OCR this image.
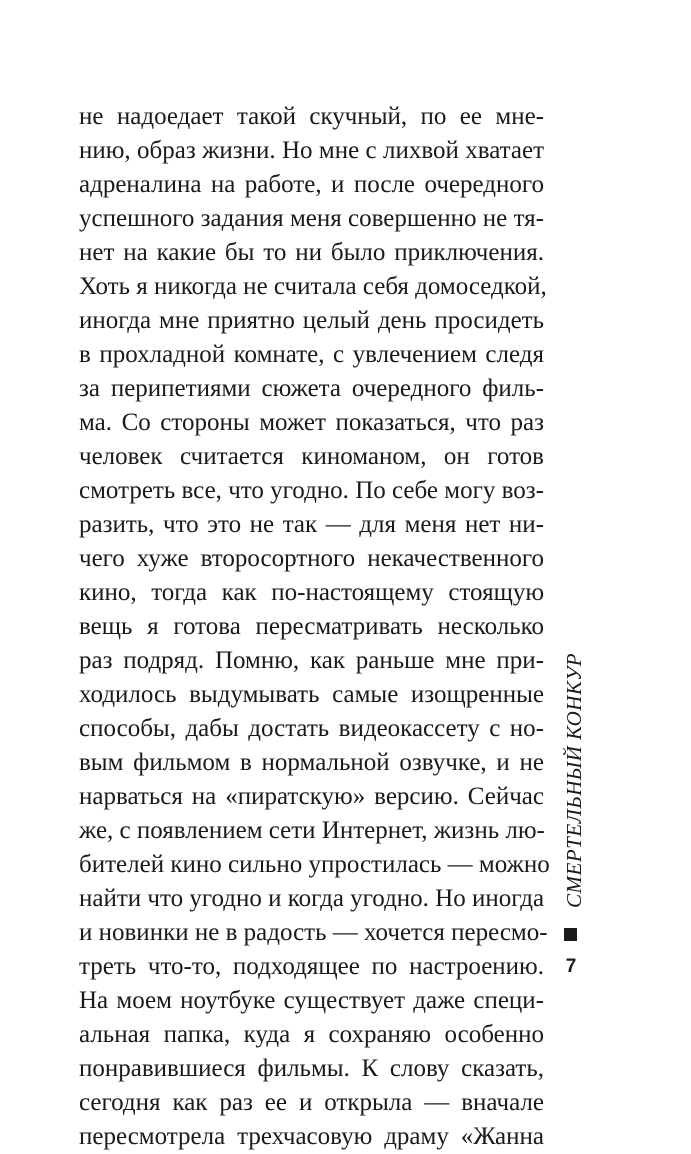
не надоедает такой скучный, по ее мне-
нию, образ жизни. Но мне с лихвой хватает
адреналина на работе, и после очередного
успешного задания меня совершенно не тя-
нет на какие бы то ни было приключения.
Хоть я никогда не считала себя домоседкой,
иногда мне приятно целый день просидеть
в прохладной комнате, с увлечением следя
за перипетиями сюжета очередного филь-
ма. Со стороны может показаться, что раз
человек считается киноманом, он готов
смотреть все, что угодно. По себе могу воз-
разить, что это не так — для меня нет ни-
чего хуже второсортного некачественного
кино, тогда как по-настоящему стоящую
вещь я готова пересматривать несколько
раз подряд. Помню, как раньше мне при-
ходилось выдумывать самые изощренные
способы, дабы достать видеокассету с но-
вым фильмом в нормальной озвучке, и не
нарваться на «пиратскую» версию. Сейчас
же, с появлением сети Интернет, жизнь лю-
бителей кино сильно упростилась — можно
найти что угодно и когда угодно. Но иногда
и новинки не в радость — хочется пересмо-
треть что-то, подходящее по настроению.
На моем ноутбуке существует даже специ-
альная папка, куда я сохраняю особенно
понравившиеся фильмы. К слову сказать,
сегодня как раз ее и открыла — вначале
пересмотрела трехчасовую драму «Жанна
СМЕРТЕЛЬНЫЙ КОНКУР
7
